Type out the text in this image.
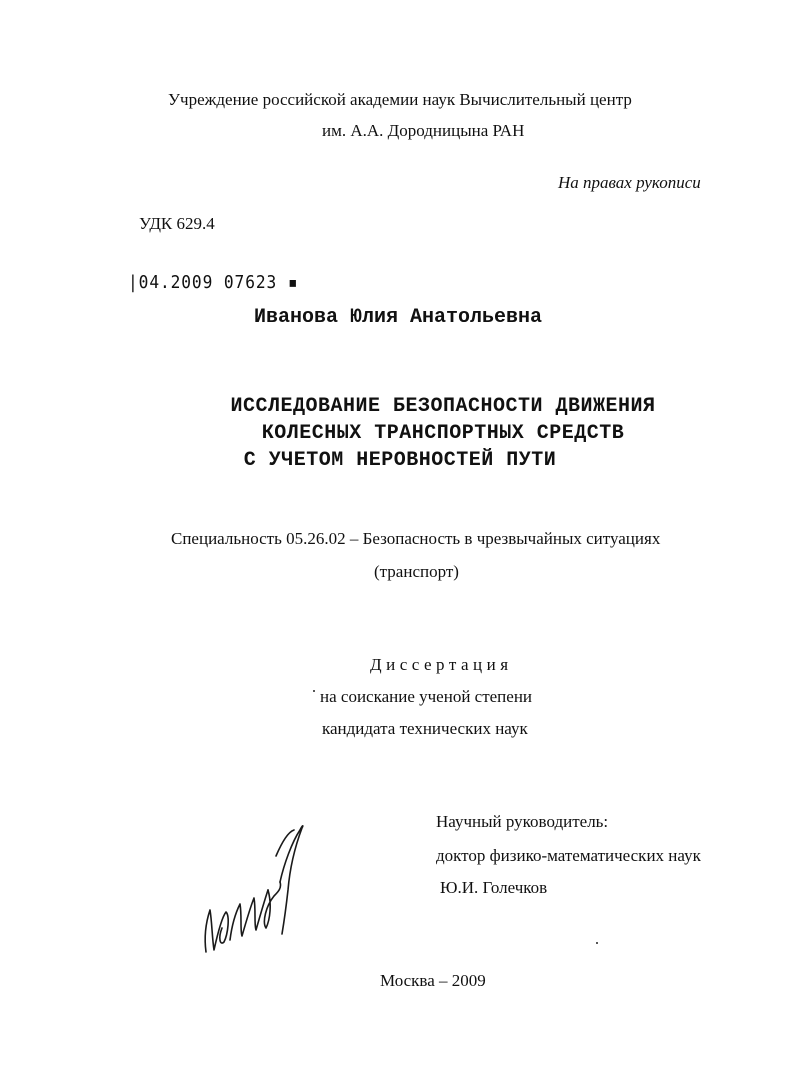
Учреждение российской академии наук Вычислительный центр
им. А.А. Дородницына РАН
На правах рукописи
УДК 629.4
|04.2009 07623 ▪
Иванова Юлия Анатольевна
ИССЛЕДОВАНИЕ БЕЗОПАСНОСТИ ДВИЖЕНИЯ
КОЛЕСНЫХ ТРАНСПОРТНЫХ СРЕДСТВ
С УЧЕТОМ НЕРОВНОСТЕЙ ПУТИ
Специальность 05.26.02 – Безопасность в чрезвычайных ситуациях
(транспорт)
Диссертация
на соискание ученой степени
кандидата технических наук
Научный руководитель:
доктор физико-математических наук
Ю.И. Голечков
Москва – 2009
